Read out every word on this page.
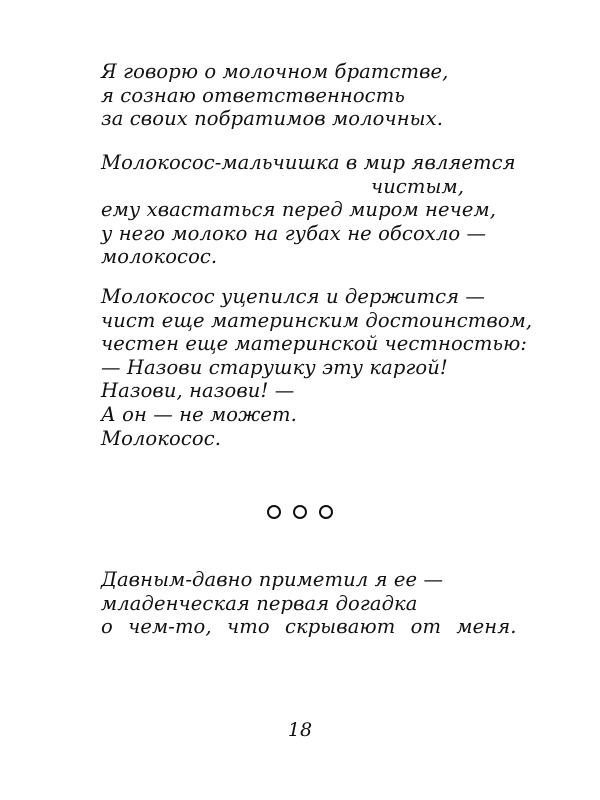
Я говорю о молочном братстве,
я сознаю ответственность
за своих побратимов молочных.
Молокосос-мальчишка в мир является
чистым,
ему хвастаться перед миром нечем,
у него молоко на губах не обсохло —
молокосос.
Молокосос уцепился и держится —
чист еще материнским достоинством,
честен еще материнской честностью:
— Назови старушку эту каргой!
Назови, назови! —
А он — не может.
Молокосос.

Давным-давно приметил я ее —
младенческая первая догадка
о чем-то, что скрывают от меня.
18
